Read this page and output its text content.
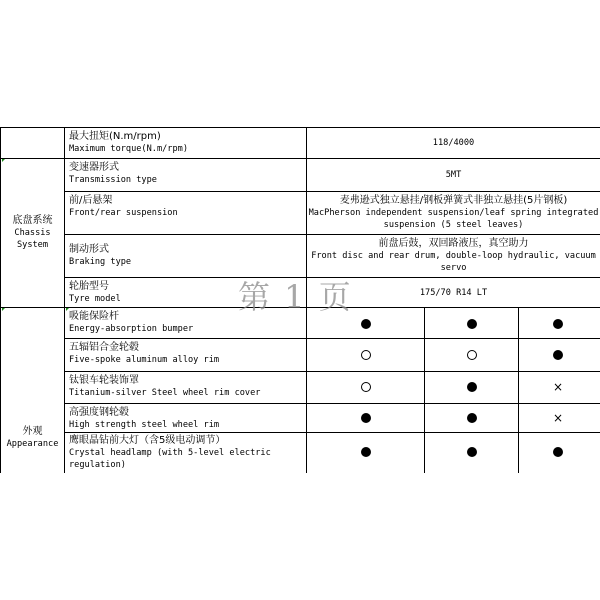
底盘系统
Chassis
System
外观
Appearance
最大扭矩(N.m/rpm)
Maximum torque(N.m/rpm)
118/4000
变速器形式
Transmission type	5MT
前/后悬架
Front/rear suspension
麦弗逊式独立悬挂/钢板弹簧式非独立悬挂(5片钢板)
MacPherson independent suspension/leaf spring integrated
suspension (5 steel leaves)
制动形式
Braking type
前盘后鼓，双回路液压，真空助力
Front disc and rear drum, double-loop hydraulic, vacuum
servo
轮胎型号
Tyre model
175/70 R14 LT
吸能保险杆
Energy-absorption bumper
五辐铝合金轮毂
Five-spoke aluminum alloy rim
钛银车轮装饰罩
Titanium-silver Steel wheel rim cover
高强度钢轮毂
High strength steel wheel rim
鹰眼晶钻前大灯（含5级电动调节）
Crystal headlamp (with 5-level electric
regulation)
×
×
第 1 页
